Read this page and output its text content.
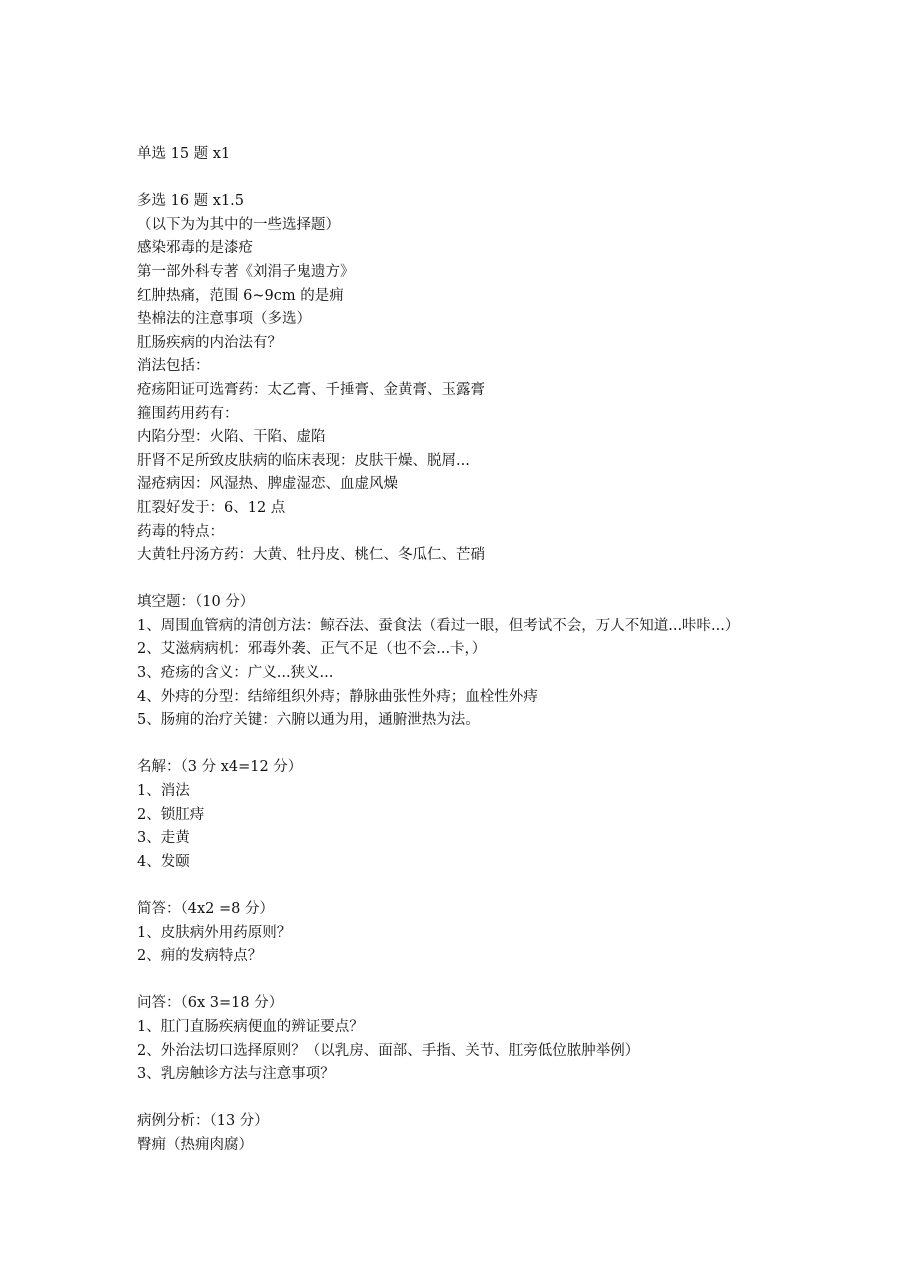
单选 15 题 x1
多选 16 题 x1.5
（以下为为其中的一些选择题）
感染邪毒的是漆疮
第一部外科专著《刘涓子鬼遗方》
红肿热痛，范围 6~9cm 的是痈
垫棉法的注意事项（多选）
肛肠疾病的内治法有？
消法包括：
疮疡阳证可选膏药：太乙膏、千捶膏、金黄膏、玉露膏
箍围药用药有：
内陷分型：火陷、干陷、虚陷
肝肾不足所致皮肤病的临床表现：皮肤干燥、脱屑...
湿疮病因：风湿热、脾虚湿恋、血虚风燥
肛裂好发于：6、12 点
药毒的特点：
大黄牡丹汤方药：大黄、牡丹皮、桃仁、冬瓜仁、芒硝
填空题：（10 分）
1、周围血管病的清创方法：鲸吞法、蚕食法（看过一眼，但考试不会，万人不知道...咔咔...）
2、艾滋病病机：邪毒外袭、正气不足（也不会...卡，）
3、疮疡的含义：广义...狭义...
4、外痔的分型：结缔组织外痔；静脉曲张性外痔；血栓性外痔
5、肠痈的治疗关键：六腑以通为用，通腑泄热为法。
名解：（3 分 x4=12 分）
1、消法
2、锁肛痔
3、走黄
4、发颐
简答：（4x2 =8 分）
1、皮肤病外用药原则？
2、痈的发病特点？
问答：（6x 3=18 分）
1、肛门直肠疾病便血的辨证要点？
2、外治法切口选择原则？（以乳房、面部、手指、关节、肛旁低位脓肿举例）
3、乳房触诊方法与注意事项？
病例分析：（13 分）
臀痈（热痈肉腐）
